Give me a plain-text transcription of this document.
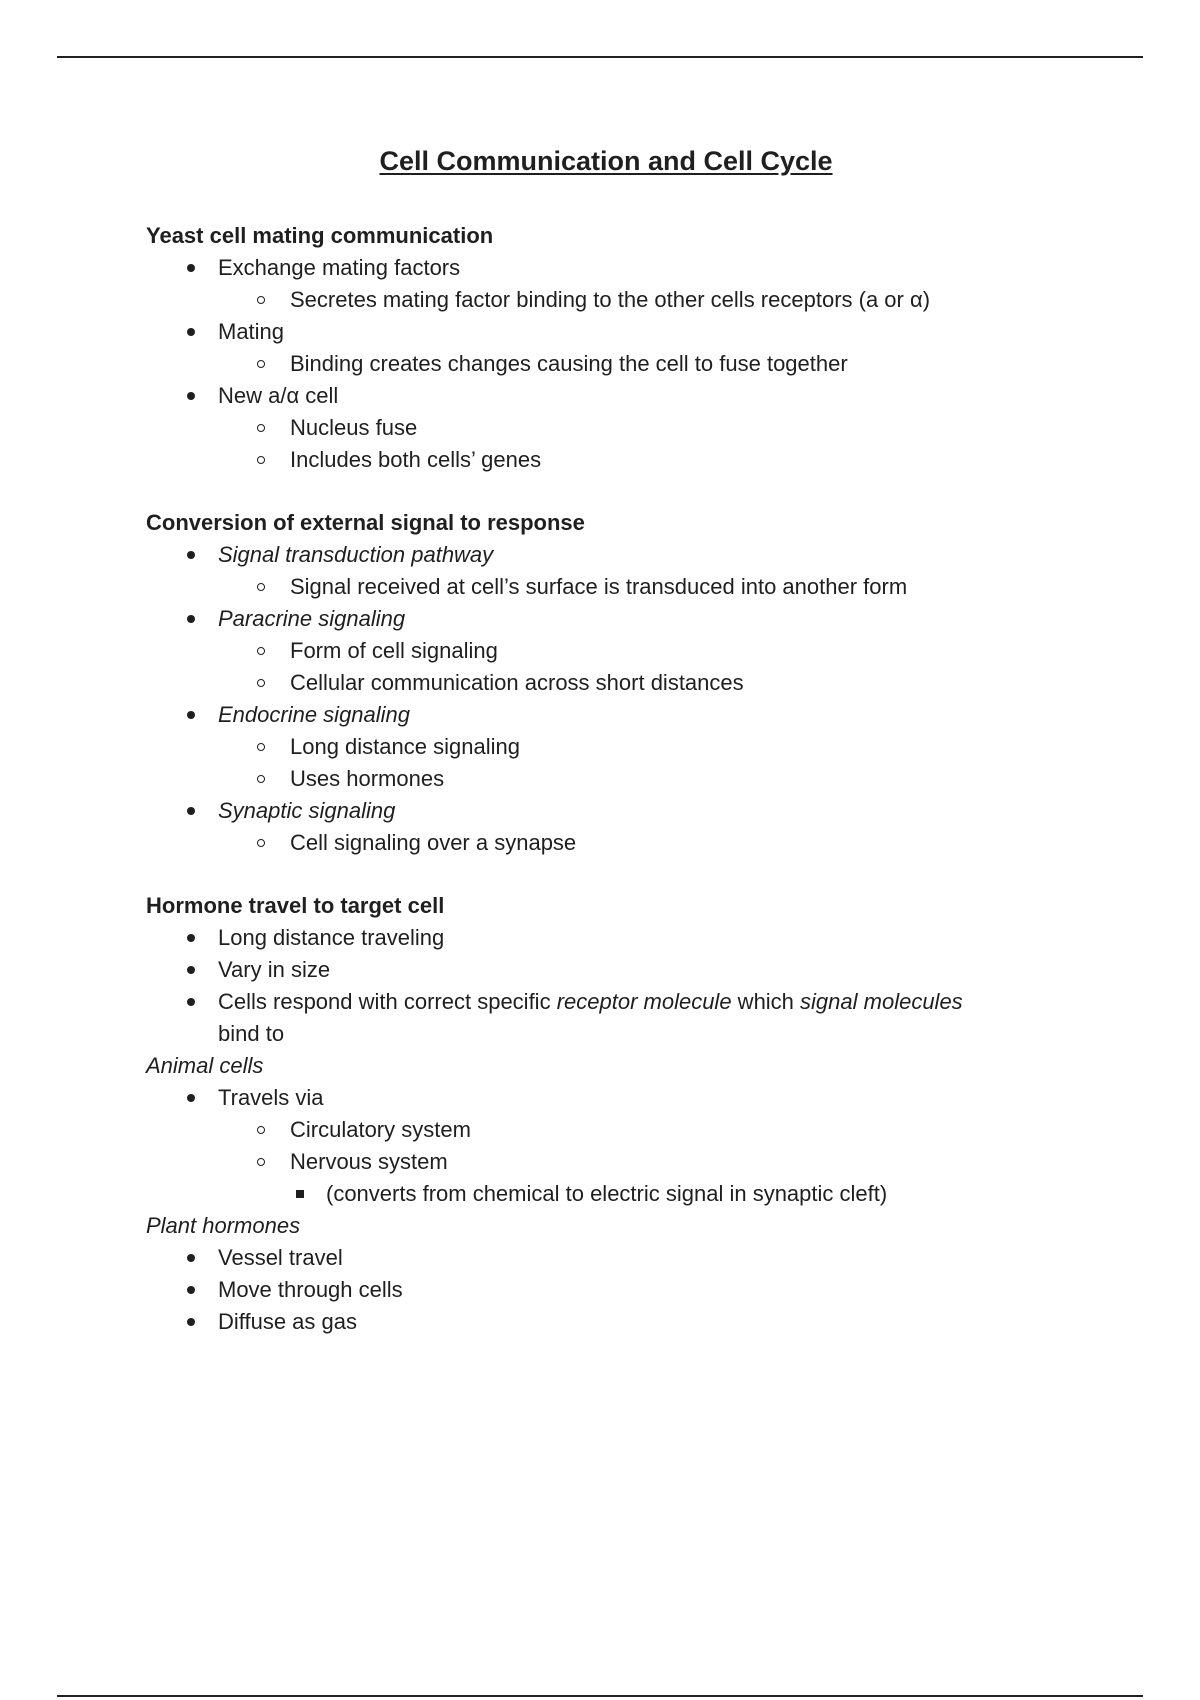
Cell Communication and Cell Cycle

Yeast cell mating communication

Exchange mating factors
Secretes mating factor binding to the other cells receptors (a or α)
Mating
Binding creates changes causing the cell to fuse together
New a/α cell
Nucleus fuse
Includes both cells’ genes

Conversion of external signal to response

Signal transduction pathway
Signal received at cell’s surface is transduced into another form
Paracrine signaling
Form of cell signaling
Cellular communication across short distances
Endocrine signaling
Long distance signaling
Uses hormones
Synaptic signaling
Cell signaling over a synapse

Hormone travel to target cell

Long distance traveling
Vary in size
Cells respond with correct specific receptor molecule which signal molecules
bind to

Animal cells

Travels via
Circulatory system
Nervous system
(converts from chemical to electric signal in synaptic cleft)

Plant hormones

Vessel travel
Move through cells
Diffuse as gas
